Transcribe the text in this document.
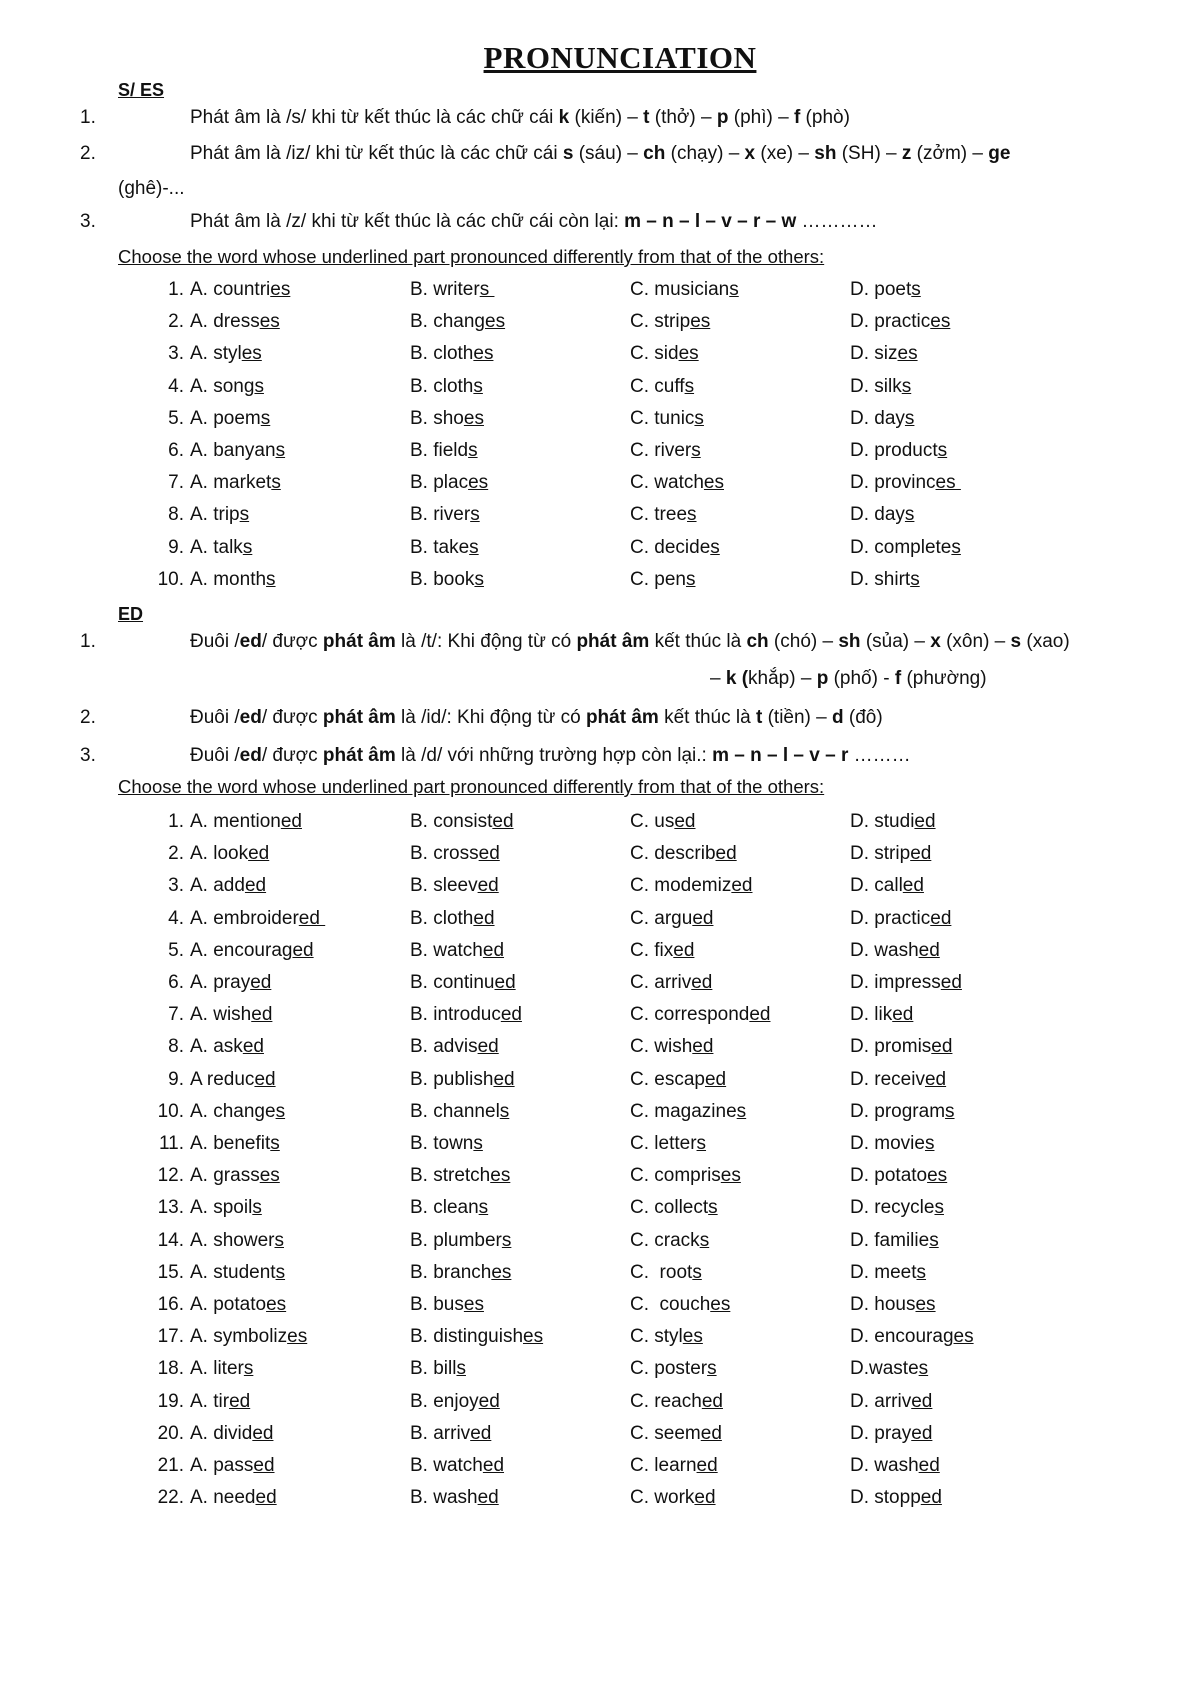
PRONUNCIATION
S/ ES
1.	Phát âm là /s/ khi từ kết thúc là các chữ cái k (kiến) – t (thở) – p (phì) – f (phò)
2.	Phát âm là /iz/ khi từ kết thúc là các chữ cái s (sáu) – ch (chạy) – x (xe) – sh (SH) – z (zởm) – ge
(ghê)-...
3.	Phát âm là /z/ khi từ kết thúc là các chữ cái còn lại: m – n – l – v – r – w …………
Choose the word whose underlined part pronounced differently from that of the others:
1. A. countries	B. writers	C. musicians	D. poets
2. A. dresses	B. changes	C. stripes	D. practices
3. A. styles	B. clothes	C. sides	D. sizes
4. A. songs	B. cloths	C. cuffs	D. silks
5. A. poems	B. shoes	C. tunics	D. days
6. A. banyans	B. fields	C. rivers	D. products
7. A. markets	B. places	C. watches	D. provinces
8. A. trips	B. rivers	C. trees	D. days
9. A. talks	B. takes	C. decides	D. completes
10. A. months	B. books	C. pens	D. shirts
ED
1.	Đuôi /ed/ được phát âm là /t/: Khi động từ có phát âm kết thúc là ch (chó) – sh (sủa) – x (xôn) – s (xao)
– k (khắp) – p (phố) - f (phường)
2.	Đuôi /ed/ được phát âm là /id/: Khi động từ có phát âm kết thúc là t (tiền) – d (đô)
3.	Đuôi /ed/ được phát âm là /d/ với những trường hợp còn lại.: m – n – l – v – r ………
Choose the word whose underlined part pronounced differently from that of the others:
1. A. mentioned	B. consisted	C. used	D. studied
2. A. looked	B. crossed	C. described	D. striped
3. A. added	B. sleeved	C. modemized	D. called
4. A. embroidered	B. clothed	C. argued	D. practiced
5. A. encouraged	B. watched	C. fixed	D. washed
6. A. prayed	B. continued	C. arrived	D. impressed
7. A. wished	B. introduced	C. corresponded	D. liked
8. A. asked	B. advised	C. wished	D. promised
9. A reduced	B. published	C. escaped	D. received
10. A. changes	B. channels	C. magazines	D. programs
11. A. benefits	B. towns	C. letters	D. movies
12. A. grasses	B. stretches	C. comprises	D. potatoes
13. A. spoils	B. cleans	C. collects	D. recycles
14. A. showers	B. plumbers	C. cracks	D. families
15. A. students	B. branches	C.  roots	D. meets
16. A. potatoes	B. buses	C.  couches	D. houses
17. A. symbolizes	B. distinguishes	C. styles	D. encourages
18. A. liters	B. bills	C. posters	D.wastes
19. A. tired	B. enjoyed	C. reached	D. arrived
20. A. divided	B. arrived	C. seemed	D. prayed
21. A. passed	B. watched	C. learned	D. washed
22. A. needed	B. washed	C. worked	D. stopped
